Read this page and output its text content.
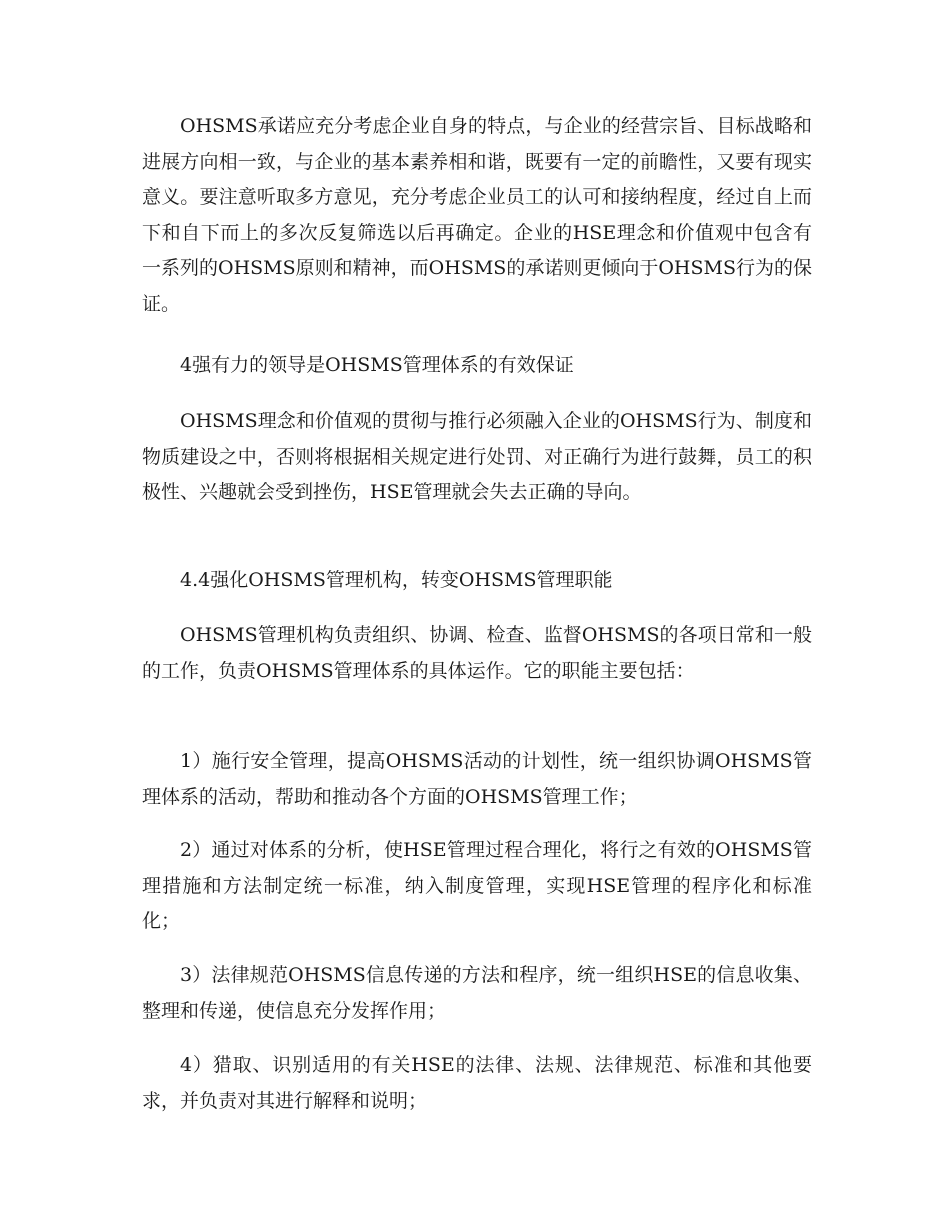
OHSMS承诺应充分考虑企业自身的特点，与企业的经营宗旨、目标战略和进展方向相一致，与企业的基本素养相和谐，既要有一定的前瞻性，又要有现实意义。要注意听取多方意见，充分考虑企业员工的认可和接纳程度，经过自上而下和自下而上的多次反复筛选以后再确定。企业的HSE理念和价值观中包含有一系列的OHSMS原则和精神，而OHSMS的承诺则更倾向于OHSMS行为的保证。

4强有力的领导是OHSMS管理体系的有效保证

OHSMS理念和价值观的贯彻与推行必须融入企业的OHSMS行为、制度和物质建设之中，否则将根据相关规定进行处罚、对正确行为进行鼓舞，员工的积极性、兴趣就会受到挫伤，HSE管理就会失去正确的导向。

4.4强化OHSMS管理机构，转变OHSMS管理职能

OHSMS管理机构负责组织、协调、检查、监督OHSMS的各项日常和一般的工作，负责OHSMS管理体系的具体运作。它的职能主要包括：

1）施行安全管理，提高OHSMS活动的计划性，统一组织协调OHSMS管理体系的活动，帮助和推动各个方面的OHSMS管理工作；

2）通过对体系的分析，使HSE管理过程合理化，将行之有效的OHSMS管理措施和方法制定统一标准，纳入制度管理，实现HSE管理的程序化和标准化；

3）法律规范OHSMS信息传递的方法和程序，统一组织HSE的信息收集、整理和传递，使信息充分发挥作用；

4）猎取、识别适用的有关HSE的法律、法规、法律规范、标准和其他要求，并负责对其进行解释和说明；
